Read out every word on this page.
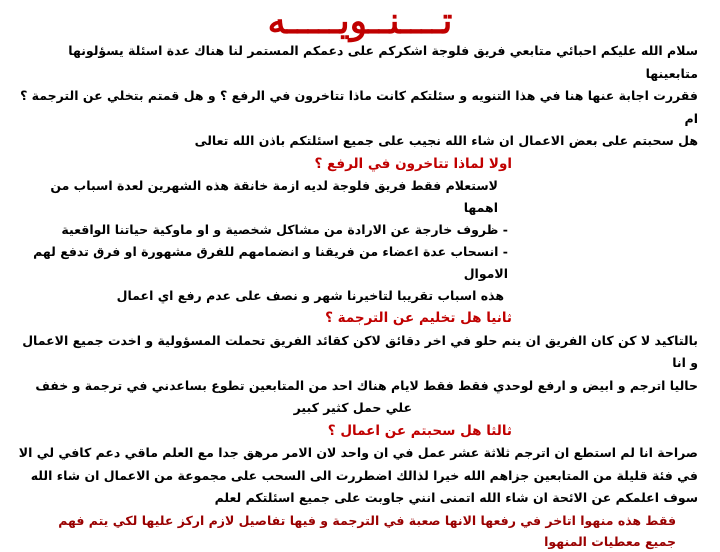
تــــنــويـــــه

سلام الله عليكم احبائي متابعي فريق فلوجة اشكركم على دعمكم المستمر لنا هناك عدة اسئلة يسؤلونها متابعينها

فقررت اجابة عنها هنا في هذا التنويه و سئلتكم كانت ماذا تتاخرون في الرفع ؟ و هل قمتم بتخلي عن الترجمة ؟ ام

هل سحبتم على بعض الاعمال ان شاء الله نجيب على جميع اسئلتكم باذن الله تعالى

اولا لماذا تتاخرون في الرفع ؟

لاستعلام فقط فريق فلوجة لديه ازمة خانقة هذه الشهرين لعدة اسباب من اهمها

- ظروف خارجة عن الارادة من مشاكل شخصية و او ماوكية حياتنا الواقعية

- انسحاب عدة اعضاء من فريقنا و انضمامهم للفرق مشهورة او فرق تدفع لهم الاموال

هذه اسباب تقريبا لتاخيرنا شهر و نصف على عدم رفع اي اعمال

ثانيا هل تخليم عن الترجمة ؟

بالتاكيد لا كن كان الفريق ان ينم حلو في اخر دقائق لاكن كقائد الفريق تحملت المسؤولية و اخدت جميع الاعمال و انا

حاليا اترجم و ابيض و ارفع لوحدي فقط فقط لايام هناك احد من المتابعين تطوع بساعدني في ترجمة و خفف

علي حمل كثير كبير

ثالثا هل سحبتم عن اعمال ؟

صراحة انا لم استطع ان اترجم ثلاثة عشر عمل في ان واحد لان الامر مرهق جدا مع العلم ماقي دعم كافي لي الا

في فئة قليلة من المتابعين جزاهم الله خيرا لذالك اضطررت الى السحب على مجموعة من الاعمال ان شاء الله

سوف اعلمكم عن الائحة ان شاء الله اتمنى انني جاوبت على جميع اسئلتكم لعلم

فقط هذه منهوا اتاخر في رفعها الانها صعبة في الترجمة و فيها تفاصيل لازم اركز عليها لكي يتم فهم

جميع معطيات المنهوا
